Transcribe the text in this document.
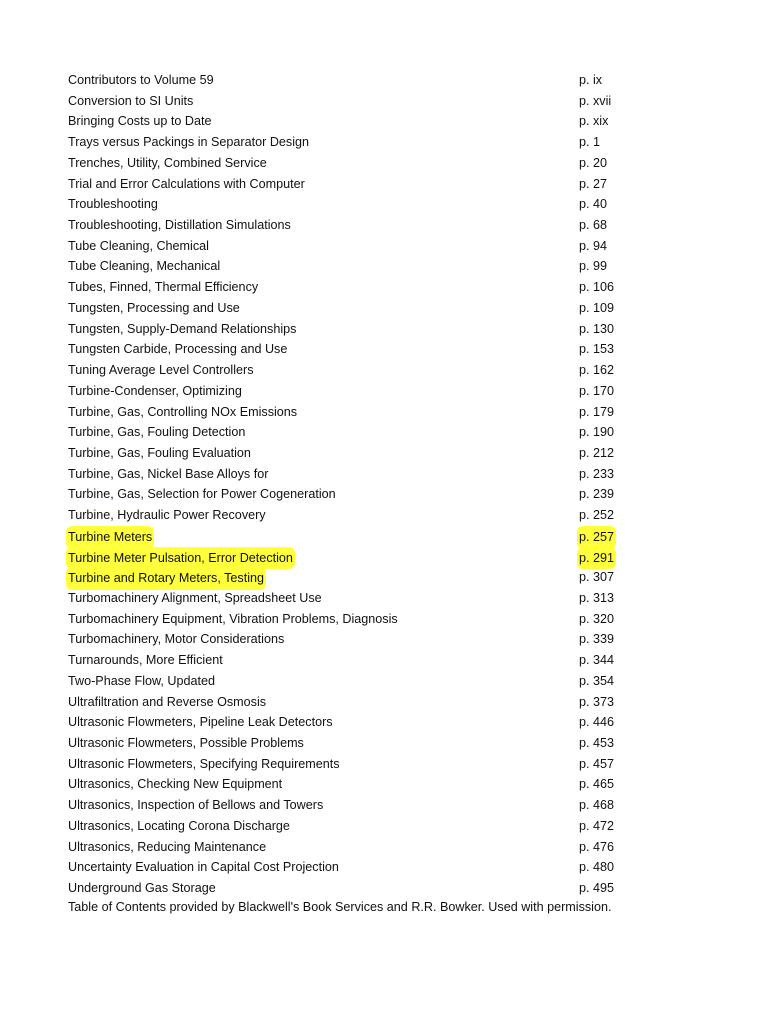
Contributors to Volume 59	p. ix
Conversion to SI Units	p. xvii
Bringing Costs up to Date	p. xix
Trays versus Packings in Separator Design	p. 1
Trenches, Utility, Combined Service	p. 20
Trial and Error Calculations with Computer	p. 27
Troubleshooting	p. 40
Troubleshooting, Distillation Simulations	p. 68
Tube Cleaning, Chemical	p. 94
Tube Cleaning, Mechanical	p. 99
Tubes, Finned, Thermal Efficiency	p. 106
Tungsten, Processing and Use	p. 109
Tungsten, Supply-Demand Relationships	p. 130
Tungsten Carbide, Processing and Use	p. 153
Tuning Average Level Controllers	p. 162
Turbine-Condenser, Optimizing	p. 170
Turbine, Gas, Controlling NOx Emissions	p. 179
Turbine, Gas, Fouling Detection	p. 190
Turbine, Gas, Fouling Evaluation	p. 212
Turbine, Gas, Nickel Base Alloys for	p. 233
Turbine, Gas, Selection for Power Cogeneration	p. 239
Turbine, Hydraulic Power Recovery	p. 252
Turbine Meters	p. 257
Turbine Meter Pulsation, Error Detection	p. 291
Turbine and Rotary Meters, Testing	p. 307
Turbomachinery Alignment, Spreadsheet Use	p. 313
Turbomachinery Equipment, Vibration Problems, Diagnosis	p. 320
Turbomachinery, Motor Considerations	p. 339
Turnarounds, More Efficient	p. 344
Two-Phase Flow, Updated	p. 354
Ultrafiltration and Reverse Osmosis	p. 373
Ultrasonic Flowmeters, Pipeline Leak Detectors	p. 446
Ultrasonic Flowmeters, Possible Problems	p. 453
Ultrasonic Flowmeters, Specifying Requirements	p. 457
Ultrasonics, Checking New Equipment	p. 465
Ultrasonics, Inspection of Bellows and Towers	p. 468
Ultrasonics, Locating Corona Discharge	p. 472
Ultrasonics, Reducing Maintenance	p. 476
Uncertainty Evaluation in Capital Cost Projection	p. 480
Underground Gas Storage	p. 495
Table of Contents provided by Blackwell's Book Services and R.R. Bowker. Used with permission.
